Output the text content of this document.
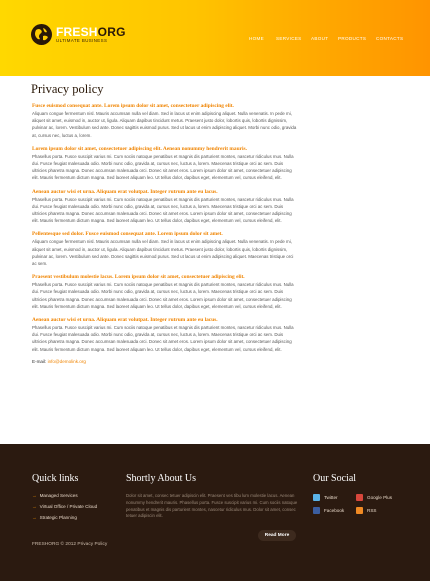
FRESHORG
ULTIMATE BUSINESS	HOME	SERVICES ABOUT PRODUCTS CONTACTS
Privacy policy
Fusce euismod consequat ante. Lorem ipsum dolor sit amet, consectetuer adipiscing elit.
Aliquam congue fermentum nisl. Mauris accumsan nulla vel diam. Sed in lacus ut enim adipiscing aliquet. Nulla venenatis. In pede mi, aliquet sit amet, euismod in, auctor ut, ligula. Aliquam dapibus tincidunt metus. Praesent justo dolor, lobortis quis, lobortis dignissim, pulvinar ac, lorem. Vestibulum sed ante. Donec sagittis euismod purus. Sed ut lacus ut enim adipiscing aliquet. Morbi nunc odio, gravida at, cursus nec, luctus a, lorem.
Lorem ipsum dolor sit amet, consectetuer adipiscing elit. Aenean nonummy hendrerit mauris.
Phasellus porta. Fusce suscipit varius mi. Cum sociis natoque penatibus et magnis dis parturient montes, nascetur ridiculus mus. Nulla dui. Fusce feugiat malesuada odio. Morbi nunc odio, gravida at, cursus nec, luctus a, lorem. Maecenas tristique orci ac sem. Duis ultricies pharetra magna. Donec accumsan malesuada orci. Donec sit amet eros. Lorem ipsum dolor sit amet, consectetuer adipiscing elit. Mauris fermentum dictum magna. Sed laoreet aliquam leo. Ut tellus dolor, dapibus eget, elementum vel, cursus eleifend, elit.
Aenean auctor wisi et urna. Aliquam erat volutpat. Integer rutrum ante eu lacus.
Phasellus porta. Fusce suscipit varius mi. Cum sociis natoque penatibus et magnis dis parturient montes, nascetur ridiculus mus. Nulla dui. Fusce feugiat malesuada odio. Morbi nunc odio, gravida at, cursus nec, luctus a, lorem. Maecenas tristique orci ac sem. Duis ultricies pharetra magna. Donec accumsan malesuada orci. Donec sit amet eros. Lorem ipsum dolor sit amet, consectetuer adipiscing elit. Mauris fermentum dictum magna. Sed laoreet aliquam leo. Ut tellus dolor, dapibus eget, elementum vel, cursus eleifend, elit.
Pellentesque sed dolor. Fusce euismod consequat ante. Lorem ipsum dolor sit amet.
Aliquam congue fermentum nisl. Mauris accumsan nulla vel diam. Sed in lacus ut enim adipiscing aliquet. Nulla venenatis. In pede mi, aliquet sit amet, euismod in, auctor ut, ligula. Aliquam dapibus tincidunt metus. Praesent justo dolor, lobortis quis, lobortis dignissim, pulvinar ac, lorem. Vestibulum sed ante. Donec sagittis euismod purus. Sed ut lacus ut enim adipiscing aliquet. Maecenas tristique orci ac sem.
Praesent vestibulum molestie lacus. Lorem ipsum dolor sit amet, consectetuer adipiscing elit.
Phasellus porta. Fusce suscipit varius mi. Cum sociis natoque penatibus et magnis dis parturient montes, nascetur ridiculus mus. Nulla dui. Fusce feugiat malesuada odio. Morbi nunc odio, gravida at, cursus nec, luctus a, lorem. Maecenas tristique orci ac sem. Duis ultricies pharetra magna. Donec accumsan malesuada orci. Donec sit amet eros. Lorem ipsum dolor sit amet, consectetuer adipiscing elit. Mauris fermentum dictum magna. Sed laoreet aliquam leo. Ut tellus dolor, dapibus eget, elementum vel, cursus eleifend, elit.
Aenean auctor wisi et urna. Aliquam erat volutpat. Integer rutrum ante eu lacus.
Phasellus porta. Fusce suscipit varius mi. Cum sociis natoque penatibus et magnis dis parturient montes, nascetur ridiculus mus. Nulla dui. Fusce feugiat malesuada odio. Morbi nunc odio, gravida at, cursus nec, luctus a, lorem. Maecenas tristique orci ac sem. Duis ultricies pharetra magna. Donec accumsan malesuada orci. Donec sit amet eros. Lorem ipsum dolor sit amet, consectetuer adipiscing elit. Mauris fermentum dictum magna. Sed laoreet aliquam leo. Ut tellus dolor, dapibus eget, elementum vel, cursus eleifend, elit.
E-mail: info@demolink.org
Quick links
→ Managed Services
→ Virtual Office / Private Cloud
→ Strategic Planning
Shortly About Us
Dolor sit amet, consec tetuer adipiscin elit. Praesent ves tibu lum molestie lacus. Aenean nonummy hendrerit mauris. Phasellus porta. Fusce suscipit varius mi. Cum sociis natoque penatibus et magnis dis parturient montes, nascetur ridiculus mus. Dolor sit amet, consec tetuer adipiscin elit.
Read More
Our Social
Twitter	Google Plus
Facebook	RSS
FRESHORG © 2012 Privacy Policy
